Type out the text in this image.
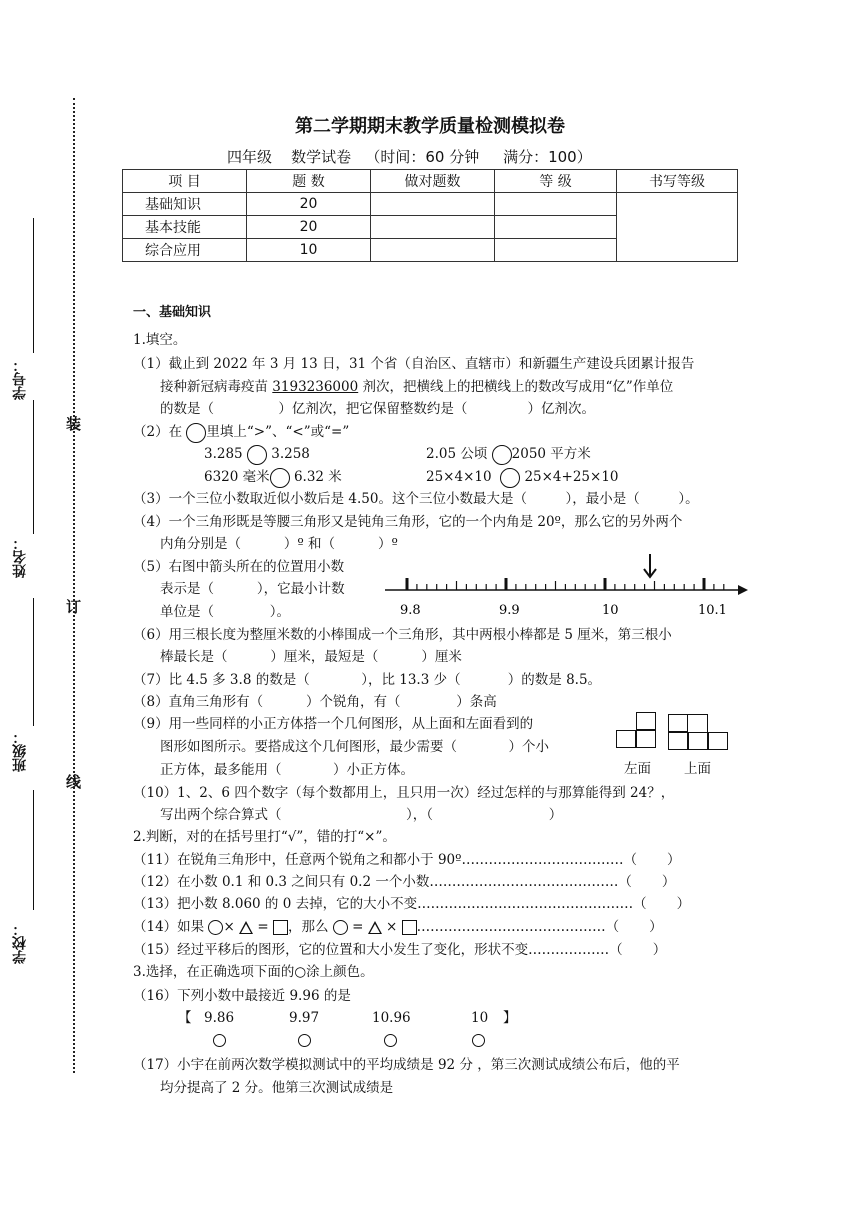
装
订
线
学号：
姓名：
班级：
学校：
第二学期期末教学质量检测模拟卷
四年级    数学试卷   （时间：60 分钟     满分：100）
项 目	题 数	做对题数	等 级	书写等级
基础知识	20			
基本技能	20			
综合应用	10			
一、基础知识
1.填空。
（1）截止到 2022 年 3 月 13 日，31 个省（自治区、直辖市）和新疆生产建设兵团累计报告
接种新冠病毒疫苗 3193236000 剂次，把横线上的把横线上的数改写成用“亿”作单位
的数是（               ）亿剂次，把它保留整数约是（              ）亿剂次。
（2）在 里填上“>”、“<”或“=”
3.285  3.258	2.05 公顷 2050 平方米
6320 毫米 6.32 米	25×4×10   25×4+25×10
（3）一个三位小数取近似小数后是 4.50。这个三位小数最大是（         ），最小是（         ）。
（4）一个三角形既是等腰三角形又是钝角三角形，它的一个内角是 20º，那么它的另外两个
内角分别是（          ）º 和（          ）º
（5）右图中箭头所在的位置用小数
表示是（          ），它最小计数
单位是（             ）。	9.8	9.9	10	10.1
（6）用三根长度为整厘米数的小棒围成一个三角形，其中两根小棒都是 5 厘米，第三根小
棒最长是（          ）厘米，最短是（          ）厘米
（7）比 4.5 多 3.8 的数是（            ），比 13.3 少（           ）的数是 8.5。
（8）直角三角形有（          ）个锐角，有（             ）条高
（9）用一些同样的小正方体搭一个几何图形，从上面和左面看到的
图形如图所示。要搭成这个几何图形，最少需要（            ）个小
正方体，最多能用（            ）小正方体。	左面 上面
（10）1、2、6 四个数字（每个数都用上，且只用一次）经过怎样的与那算能得到 24？，
写出两个综合算式（                             ），（                           ）
2.判断，对的在括号里打“√”，错的打“×”。
（11）在锐角三角形中，任意两个锐角之和都小于 90º………………………………（       ）
（12）在小数 0.1 和 0.3 之间只有 0.2 一个小数……………………………………（       ）
（13）把小数 8.060 的 0 去掉，它的大小不变…………………………………………（       ）
（14）如果 ×  = ，那么  =  × ……………………………………（       ）
（15）经过平移后的图形，它的位置和大小发生了变化，形状不变………………（       ）
3.选择，在正确选项下面的○涂上颜色。
（16）下列小数中最接近 9.96 的是
【 9.86	9.97	10.96	10 】
（17）小宇在前两次数学模拟测试中的平均成绩是 92 分 ，第三次测试成绩公布后，他的平
均分提高了 2 分。他第三次测试成绩是
